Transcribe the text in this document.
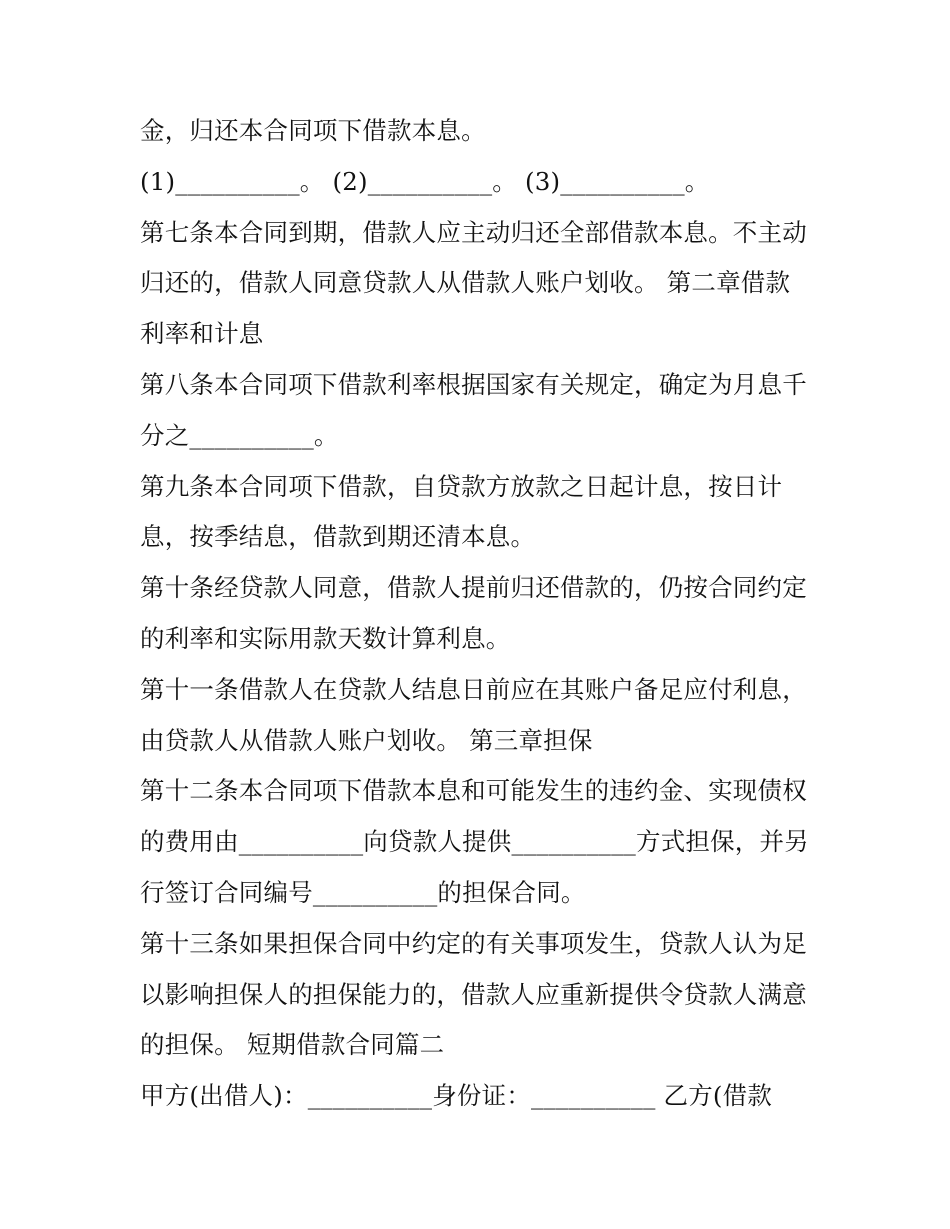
金，归还本合同项下借款本息。
(1)__________。 (2)__________。 (3)__________。
第七条本合同到期，借款人应主动归还全部借款本息。不主动
归还的，借款人同意贷款人从借款人账户划收。 第二章借款
利率和计息
第八条本合同项下借款利率根据国家有关规定，确定为月息千
分之__________。
第九条本合同项下借款，自贷款方放款之日起计息，按日计
息，按季结息，借款到期还清本息。
第十条经贷款人同意，借款人提前归还借款的，仍按合同约定
的利率和实际用款天数计算利息。
第十一条借款人在贷款人结息日前应在其账户备足应付利息，
由贷款人从借款人账户划收。 第三章担保
第十二条本合同项下借款本息和可能发生的违约金、实现债权
的费用由__________向贷款人提供__________方式担保，并另
行签订合同编号__________的担保合同。
第十三条如果担保合同中约定的有关事项发生，贷款人认为足
以影响担保人的担保能力的，借款人应重新提供令贷款人满意
的担保。 短期借款合同篇二
甲方(出借人)：__________身份证：__________ 乙方(借款
